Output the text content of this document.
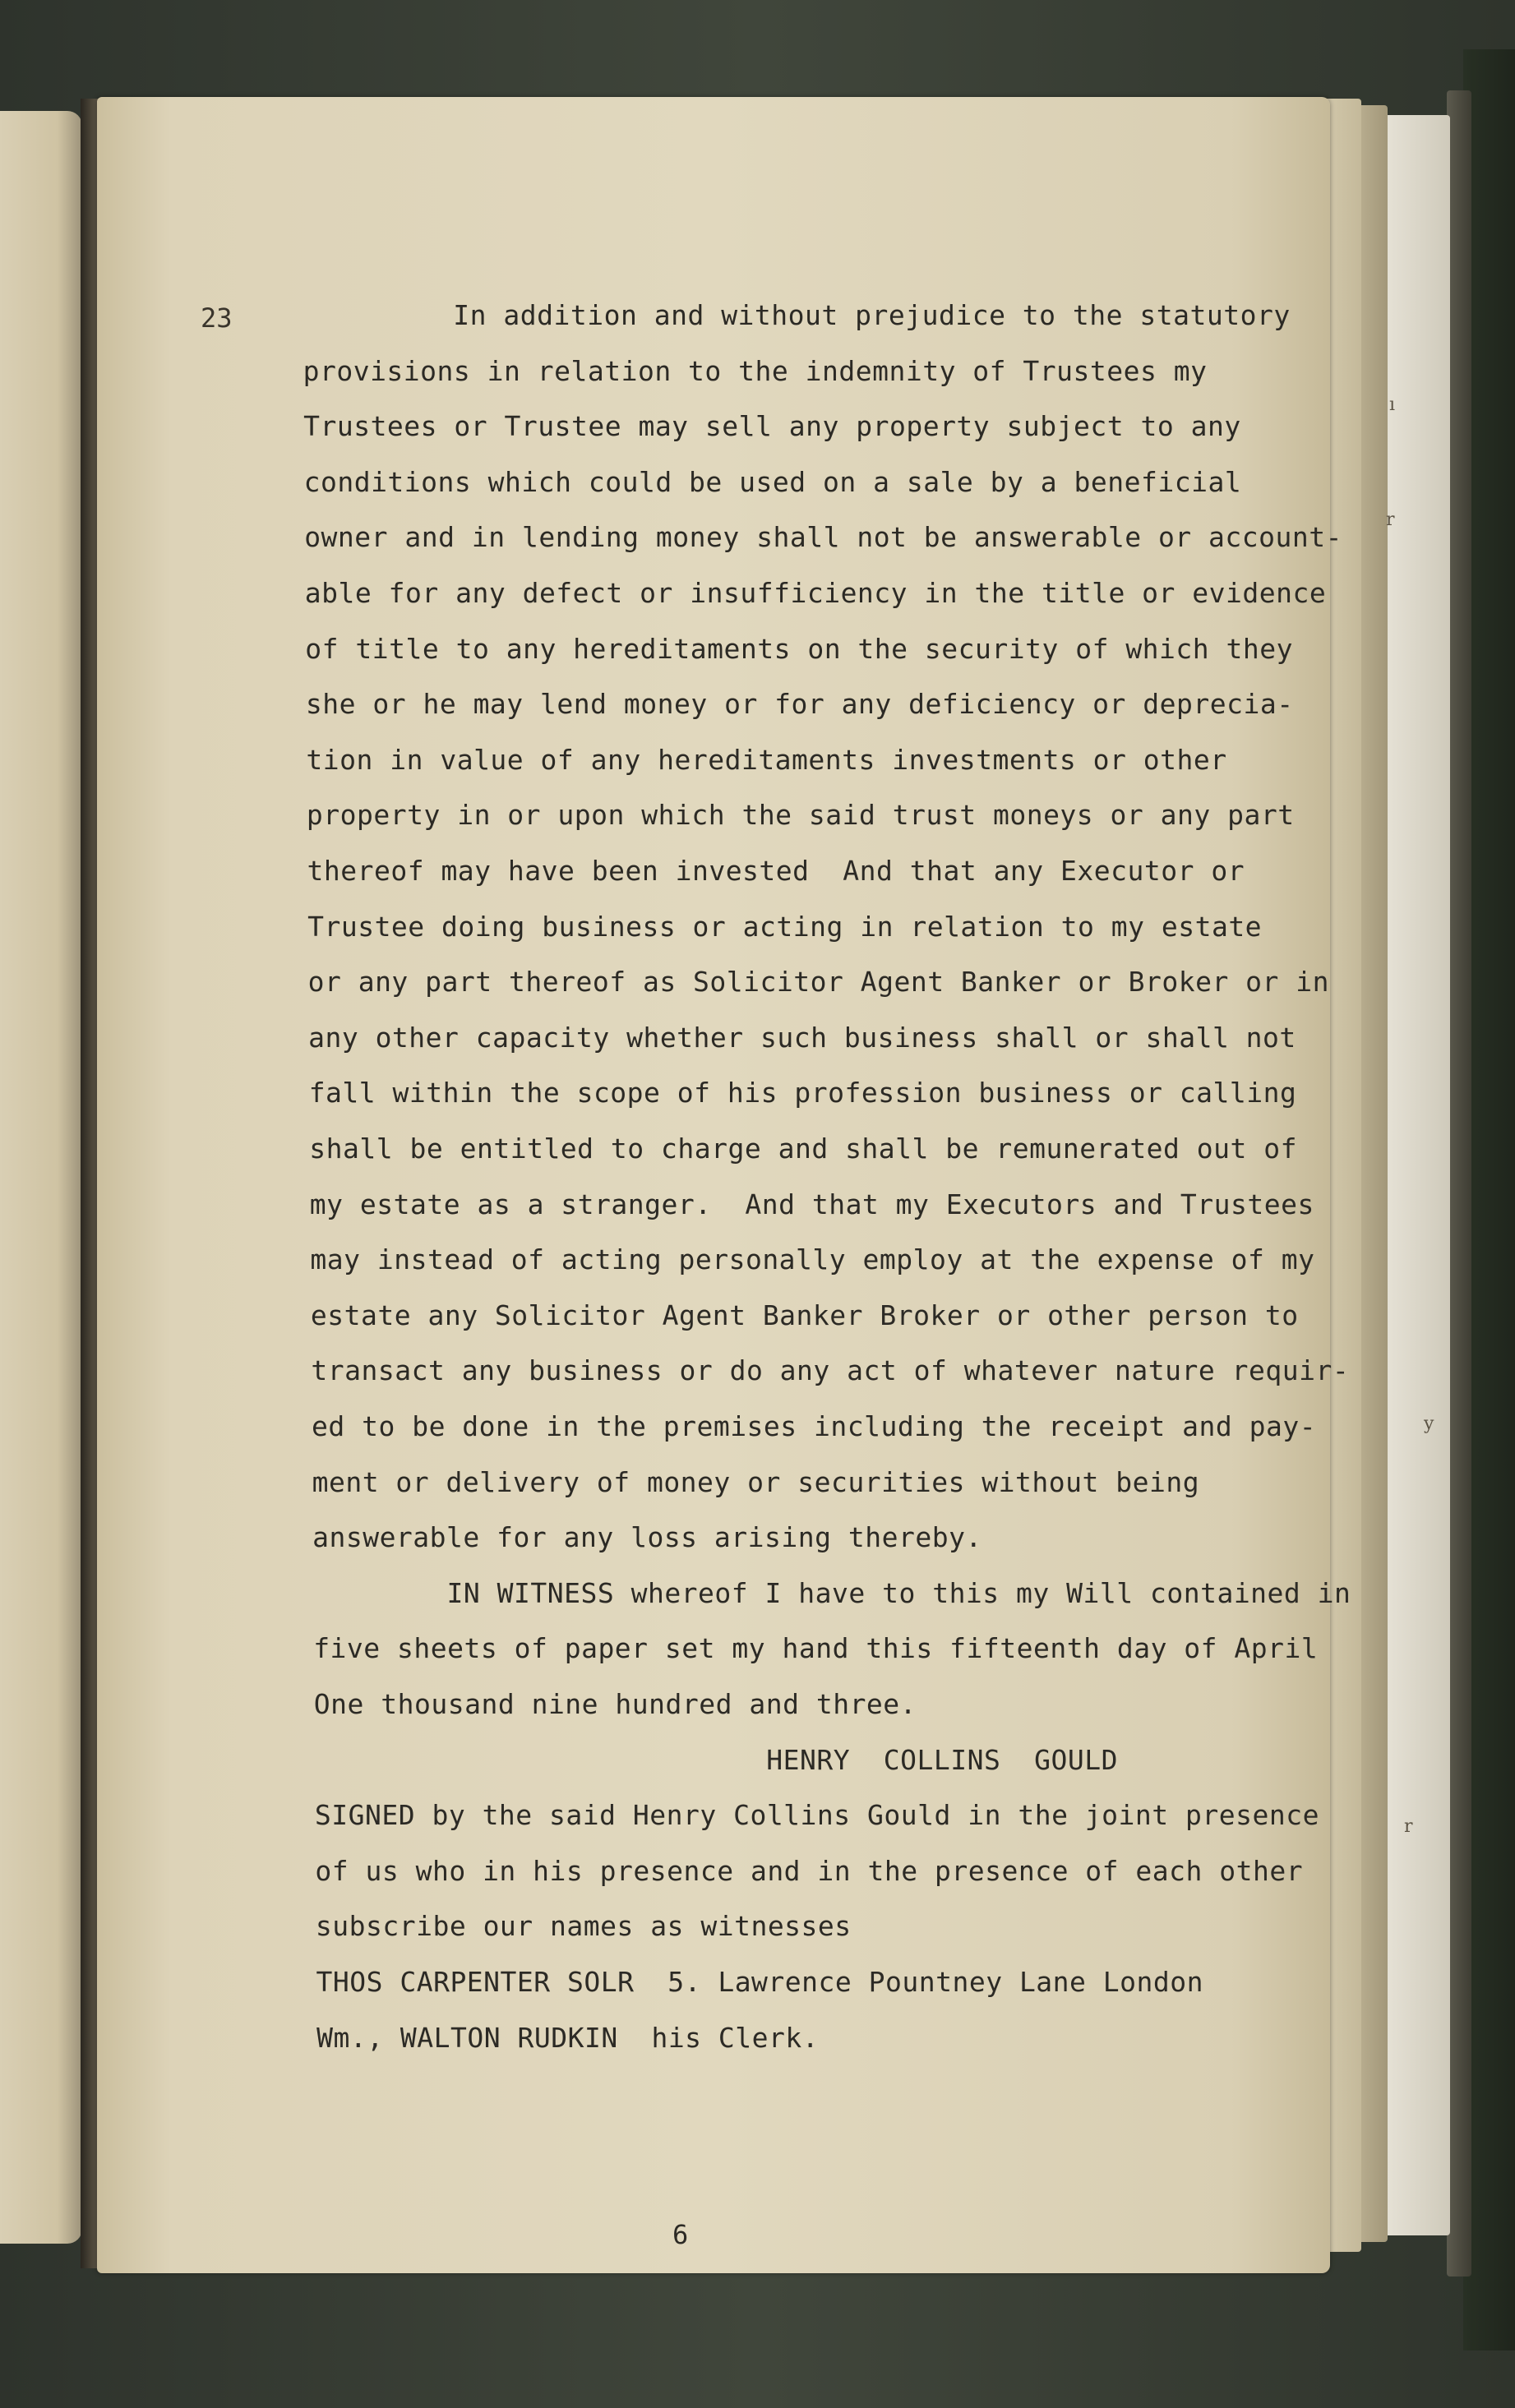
23	In addition and without prejudice to the statutory
provisions in relation to the indemnity of Trustees my
Trustees or Trustee may sell any property subject to any
conditions which could be used on a sale by a beneficial
owner and in lending money shall not be answerable or account-
able for any defect or insufficiency in the title or evidence
of title to any hereditaments on the security of which they
she or he may lend money or for any deficiency or deprecia-
tion in value of any hereditaments investments or other
property in or upon which the said trust moneys or any part
thereof may have been invested  And that any Executor or
Trustee doing business or acting in relation to my estate
or any part thereof as Solicitor Agent Banker or Broker or in
any other capacity whether such business shall or shall not
fall within the scope of his profession business or calling
shall be entitled to charge and shall be remunerated out of
my estate as a stranger.  And that my Executors and Trustees
may instead of acting personally employ at the expense of my
estate any Solicitor Agent Banker Broker or other person to
transact any business or do any act of whatever nature requir-
ed to be done in the premises including the receipt and pay-
ment or delivery of money or securities without being
answerable for any loss arising thereby.
IN WITNESS whereof I have to this my Will contained in
five sheets of paper set my hand this fifteenth day of April
One thousand nine hundred and three.
HENRY  COLLINS  GOULD
SIGNED by the said Henry Collins Gould in the joint presence
of us who in his presence and in the presence of each other
subscribe our names as witnesses
THOS CARPENTER SOLR  5. Lawrence Pountney Lane London
Wm., WALTON RUDKIN  his Clerk.
6
ı
r
y
r
